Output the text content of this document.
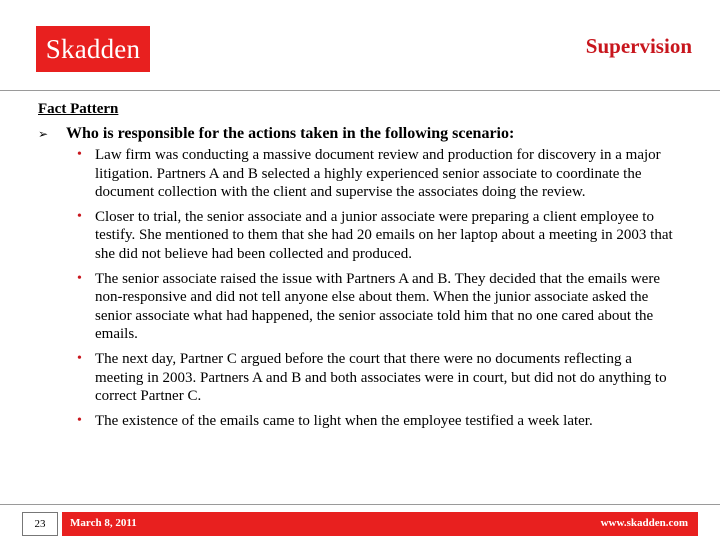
Skadden	Supervision
Fact Pattern
➢	Who is responsible for the actions taken in the following scenario:
• Law firm was conducting a massive document review and production for discovery in a major litigation. Partners A and B selected a highly experienced senior associate to coordinate the document collection with the client and supervise the associates doing the review.
• Closer to trial, the senior associate and a junior associate were preparing a client employee to testify. She mentioned to them that she had 20 emails on her laptop about a meeting in 2003 that she did not believe had been collected and produced.
• The senior associate raised the issue with Partners A and B. They decided that the emails were non-responsive and did not tell anyone else about them. When the junior associate asked the senior associate what had happened, the senior associate told him that no one cared about the emails.
• The next day, Partner C argued before the court that there were no documents reflecting a meeting in 2003. Partners A and B and both associates were in court, but did not do anything to correct Partner C.
• The existence of the emails came to light when the employee testified a week later.
23	March 8, 2011	www.skadden.com
